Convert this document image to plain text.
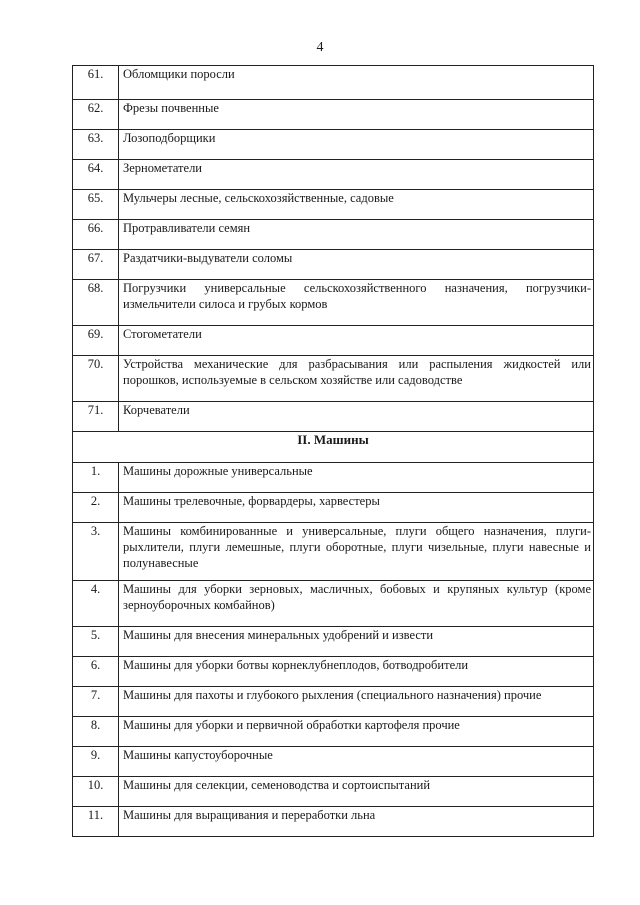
4
61.	Обломщики поросли
62.	Фрезы почвенные
63.	Лозоподборщики
64.	Зернометатели
65.	Мульчеры лесные, сельскохозяйственные, садовые
66.	Протравливатели семян
67.	Раздатчики-выдуватели соломы
68.	Погрузчики универсальные сельскохозяйственного назначения, погрузчики-измельчители силоса и грубых кормов
69.	Стогометатели
70.	Устройства механические для разбрасывания или распыления жидкостей или порошков, используемые в сельском хозяйстве или садоводстве
71.	Корчеватели
II. Машины	
1.	Машины дорожные универсальные
2.	Машины трелевочные, форвардеры, харвестеры
3.	Машины комбинированные и универсальные, плуги общего назначения, плуги-рыхлители, плуги лемешные, плуги оборотные, плуги чизельные, плуги навесные и полунавесные
4.	Машины для уборки зерновых, масличных, бобовых и крупяных культур (кроме зерноуборочных комбайнов)
5.	Машины для внесения минеральных удобрений и извести
6.	Машины для уборки ботвы корнеклубнеплодов, ботводробители
7.	Машины для пахоты и глубокого рыхления (специального назначения) прочие
8.	Машины для уборки и первичной обработки картофеля прочие
9.	Машины капустоуборочные
10.	Машины для селекции, семеноводства и сортоиспытаний
11.	Машины для выращивания и переработки льна
